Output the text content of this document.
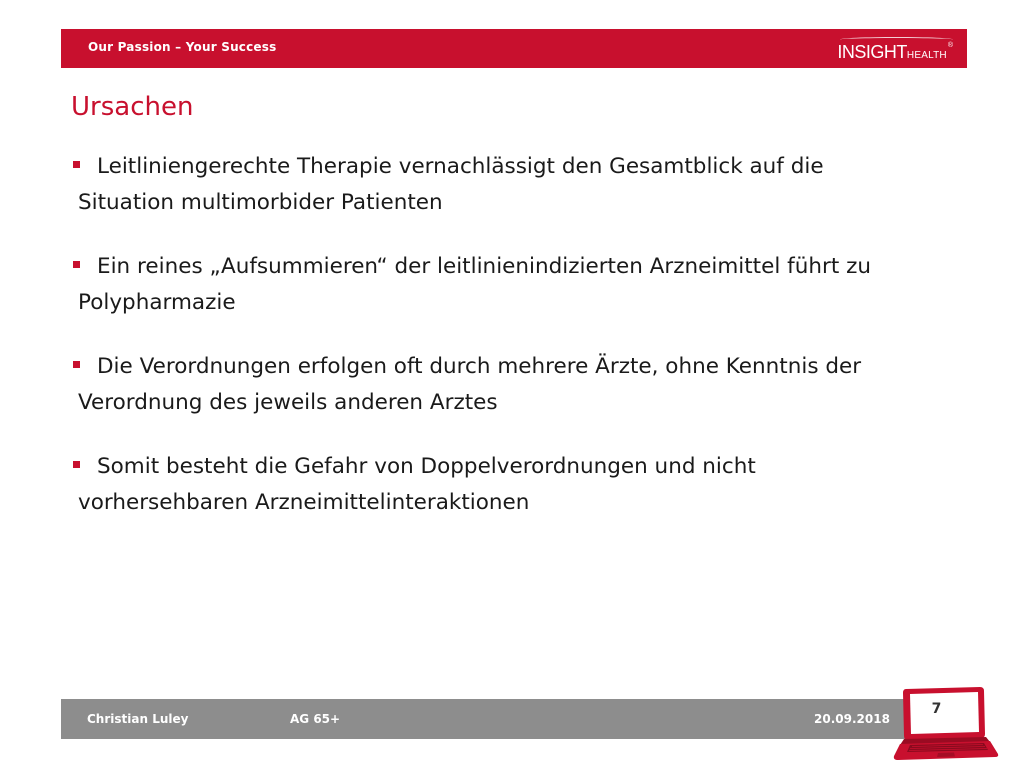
Our Passion – Your Success	INSIGHT HEALTH
®
Ursachen
Leitliniengerechte Therapie vernachlässigt den Gesamtblick auf die
Situation multimorbider Patienten
Ein reines „Aufsummieren“ der leitlinienindizierten Arzneimittel führt zu
Polypharmazie
Die Verordnungen erfolgen oft durch mehrere Ärzte, ohne Kenntnis der
Verordnung des jeweils anderen Arztes
Somit besteht die Gefahr von Doppelverordnungen und nicht
vorhersehbaren Arzneimittelinteraktionen
Christian Luley	AG 65+	20.09.2018
7
